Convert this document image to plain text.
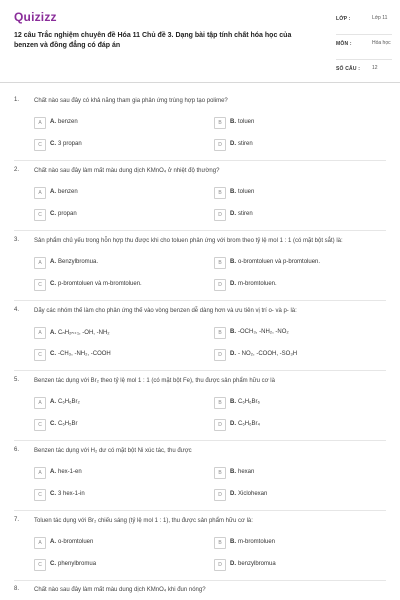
Quizizz
12 câu Trắc nghiệm chuyên đề Hóa 11 Chủ đề 3. Dạng bài tập tính chất hóa học của benzen và đồng đẳng có đáp án
LỚP :	Lớp 11
MÔN :	Hóa học
SỐ CÂU : 12
1. Chất nào sau đây có khả năng tham gia phản ứng trùng hợp tạo polime?
A	A. benzen	B	B. toluen
C	C. 3 propan	D	D. stiren
2. Chất nào sau đây làm mất màu dung dịch KMnO₄ ở nhiệt độ thường?
A	A. benzen	B	B. toluen
C	C. propan	D	D. stiren
3. Sản phẩm chủ yếu trong hỗn hợp thu được khi cho toluen phản ứng với brom theo tỷ lệ mol 1 : 1 (có mặt bột sắt) là:
A	A. Benzylbromua.	B	B. o-bromtoluen và p-bromtoluen.
C	C. p-bromtoluen và m-bromtoluen.	D	D. m-bromtoluen.
4. Dãy các nhóm thế làm cho phản ứng thế vào vòng benzen dễ dàng hơn và ưu tiên vị trí o- và p- là:
A	A. CₙH₂ₙ₊₁, -OH, -NH₂	B	B. -OCH₃, -NH₂, -NO₂
C	C. -CH₃, -NH₂, -COOH	D	D. - NO₂, -COOH, -SO₃H
5. Benzen tác dụng với Br₂ theo tỷ lệ mol 1 : 1 (có mặt bột Fe), thu được sản phẩm hữu cơ là
A	A. C₆H₆Br₂	B	B. C₆H₆Br₆
C	C. C₆H₅Br	D	D. C₆H₆Br₄
6. Benzen tác dụng với H₂ dư có mặt bột Ni xúc tác, thu được
A	A. hex-1-en	B	B. hexan
C	C. 3 hex-1-in	D	D. Xiclohexan
7. Toluen tác dụng với Br₂ chiếu sáng (tỷ lệ mol 1 : 1), thu được sản phẩm hữu cơ là:
A	A. o-bromtoluen	B	B. m-bromtoluen
C	C. phenylbromua	D	D. benzylbromua
8. Chất nào sau đây làm mất màu dung dịch KMnO₄ khi đun nóng?
